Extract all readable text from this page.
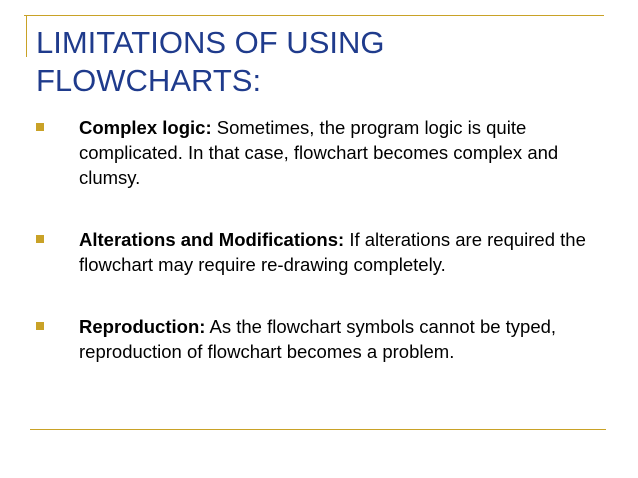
LIMITATIONS OF USING FLOWCHARTS:
Complex logic: Sometimes, the program logic is quite complicated. In that case, flowchart becomes complex and clumsy.
Alterations and Modifications: If alterations are required the flowchart may require re-drawing completely.
Reproduction: As the flowchart symbols cannot be typed, reproduction of flowchart becomes a problem.
